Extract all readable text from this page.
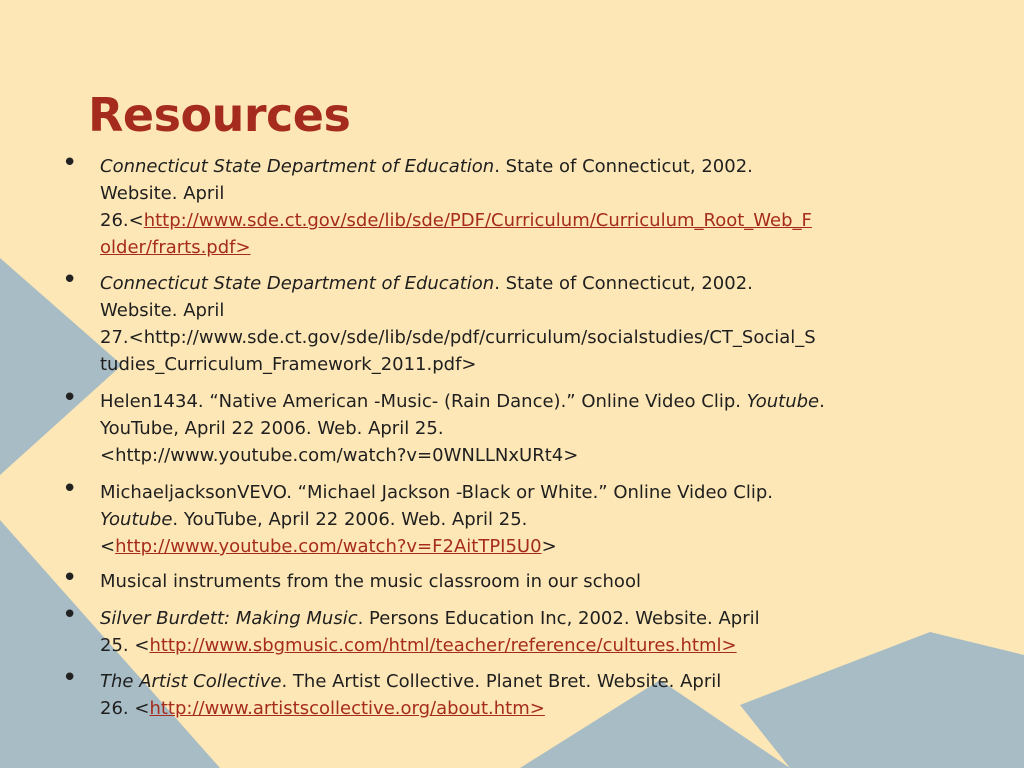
Resources
• Connecticut State Department of Education. State of Connecticut, 2002.
Website. April
26.<http://www.sde.ct.gov/sde/lib/sde/PDF/Curriculum/Curriculum_Root_Web_F
older/frarts.pdf>
• Connecticut State Department of Education. State of Connecticut, 2002.
Website. April
27.<http://www.sde.ct.gov/sde/lib/sde/pdf/curriculum/socialstudies/CT_Social_S
tudies_Curriculum_Framework_2011.pdf>
• Helen1434. “Native American -Music- (Rain Dance).” Online Video Clip. Youtube.
YouTube, April 22 2006. Web. April 25.
<http://www.youtube.com/watch?v=0WNLLNxURt4>
• MichaeljacksonVEVO. “Michael Jackson -Black or White.” Online Video Clip.
Youtube. YouTube, April 22 2006. Web. April 25.
<http://www.youtube.com/watch?v=F2AitTPI5U0>
• Musical instruments from the music classroom in our school
• Silver Burdett: Making Music. Persons Education Inc, 2002. Website. April
25. <http://www.sbgmusic.com/html/teacher/reference/cultures.html>
• The Artist Collective. The Artist Collective. Planet Bret. Website. April
26. <http://www.artistscollective.org/about.htm>
